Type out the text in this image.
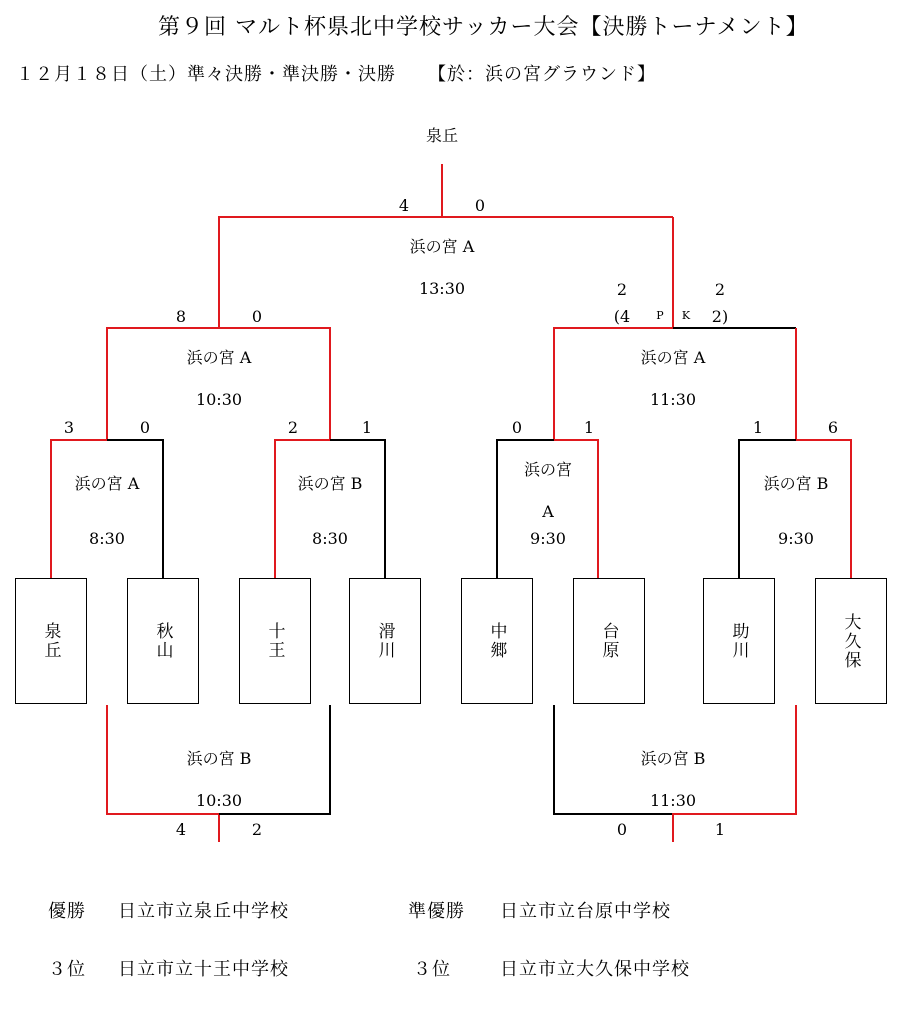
第９回 マルト杯県北中学校サッカー大会【決勝トーナメント】
１２月１８日（土）準々決勝・準決勝・決勝 【於：浜の宮グラウンド】
泉丘
4	0
浜の宮 A
13:30
8	0
浜の宮 A
10:30
2	2
(4 P K 2)
浜の宮 A
11:30
3	0
浜の宮 A
8:30
2	1
浜の宮 B
8:30
0	1
浜の宮
A
9:30
1	6
浜の宮 B
9:30
泉丘	秋山	十王	滑川	中郷	台原	助川	大久保
浜の宮 B
10:30
4	2
浜の宮 B
11:30
0	1
優勝 日立市立泉丘中学校	準優勝 日立市立台原中学校
３位 日立市立十王中学校	３位	日立市立大久保中学校
